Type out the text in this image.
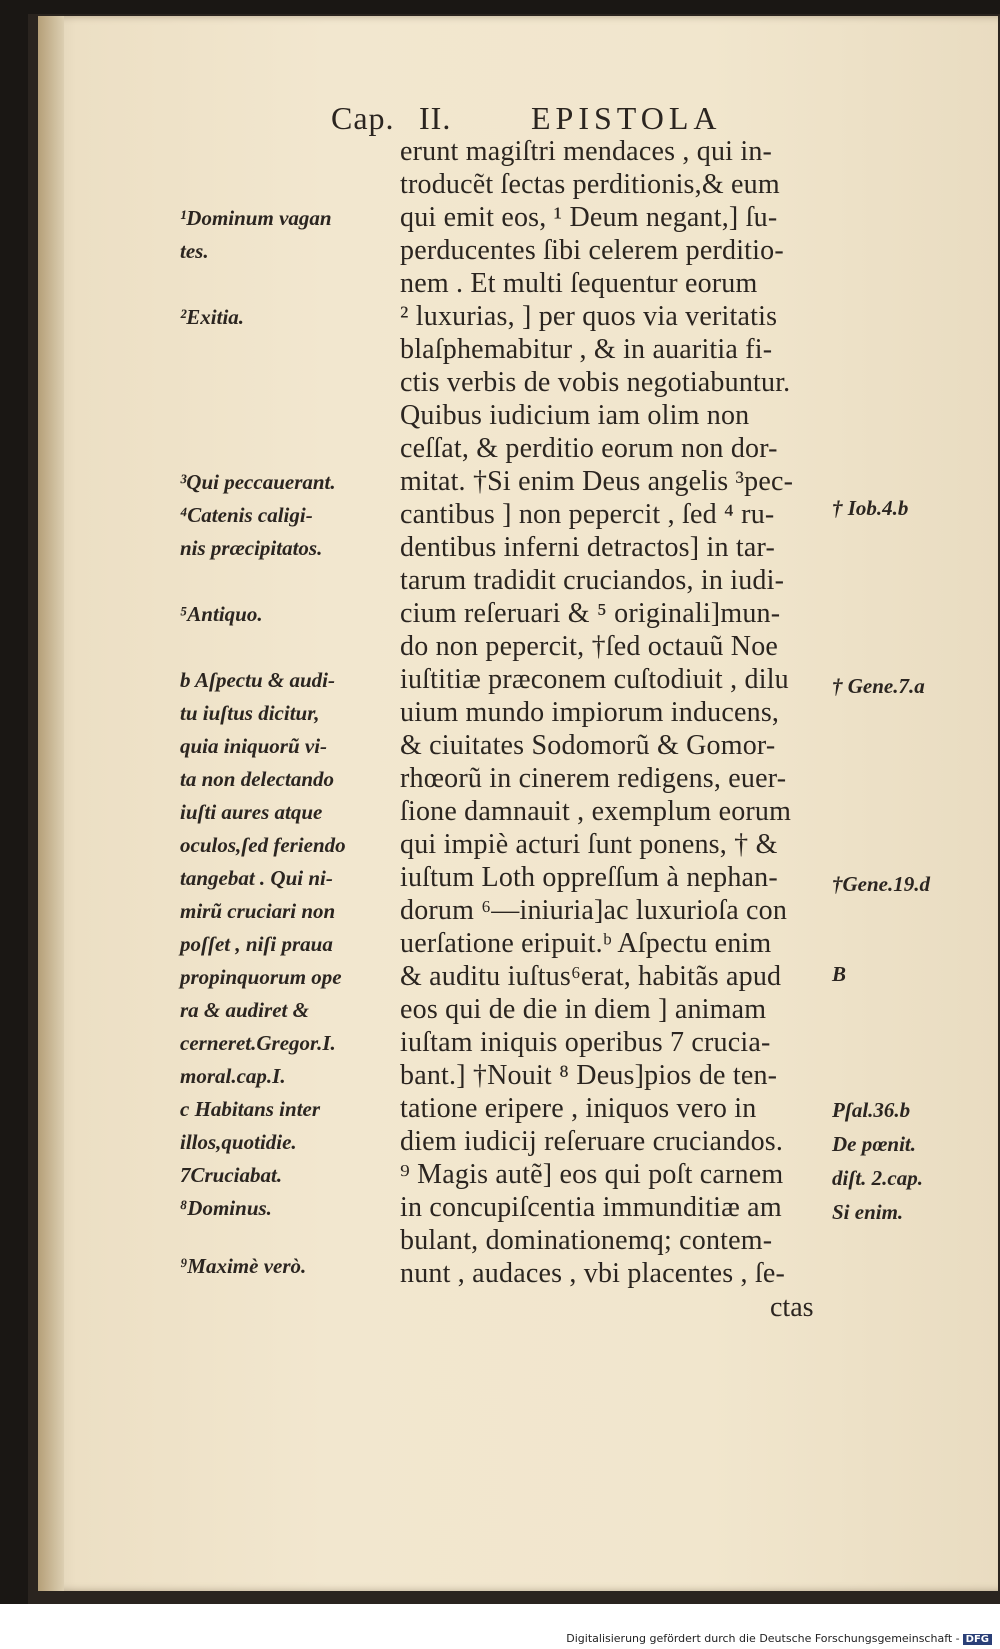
Cap. II. EPISTOLA
erunt magiſtri mendaces , qui in-
troducẽt ſectas perditionis,& eum
qui emit eos, ¹ Deum negant,] ſu-
perducentes ſibi celerem perditio-
nem . Et multi ſequentur eorum
² luxurias, ] per quos via veritatis
blaſphemabitur , & in auaritia fi-
ctis verbis de vobis negotiabuntur.
Quibus iudicium iam olim non
ceſſat, & perditio eorum non dor-
mitat. †Si enim Deus angelis ³pec-
cantibus ] non pepercit , ſed ⁴ ru-
dentibus inferni detractos] in tar-
tarum tradidit cruciandos, in iudi-
cium reſeruari & ⁵ originali]mun-
do non pepercit, †ſed octauũ Noe
iuſtitiæ præconem cuſtodiuit , dilu
uium mundo impiorum inducens,
& ciuitates Sodomorũ & Gomor-
rhœorũ in cinerem redigens, euer-
ſione damnauit , exemplum eorum
qui impiè acturi ſunt ponens, † &
iuſtum Loth oppreſſum à nephan-
dorum ⁶—iniuria]ac luxurioſa con
uerſatione eripuit.ᵇ Aſpectu enim
& auditu iuſtus⁶erat, habitãs apud
eos qui de die in diem ] animam
iuſtam iniquis operibus 7 crucia-
bant.] †Nouit ⁸ Deus]pios de ten-
tatione eripere , iniquos vero in
diem iudicij reſeruare cruciandos.
⁹ Magis autẽ] eos qui poſt carnem
in concupiſcentia immunditiæ am
bulant, dominationemq; contem-
nunt , audaces , vbi placentes , ſe-
ctas
¹Dominum vagan
tes.
²Exitia.
³Qui peccauerant.
⁴Catenis caligi-
nis præcipitatos.
⁵Antiquo.
b Aſpectu & audi-
tu iuſtus dicitur,
quia iniquorũ vi-
ta non delectando
iuſti aures atque
oculos,ſed feriendo
tangebat . Qui ni-
mirũ cruciari non
poſſet , niſi praua
propinquorum ope
ra & audiret &
cerneret.Gregor.I.
moral.cap.I.
c Habitans inter
illos,quotidie.
7Cruciabat.
⁸Dominus.
⁹Maximè verò.
† Iob.4.b
† Gene.7.a
†Gene.19.d
B
Pſal.36.b
De pœnit.
diſt. 2.cap.
Si enim.
Digitalisierung gefördert durch die Deutsche Forschungsgemeinschaft - DFG
